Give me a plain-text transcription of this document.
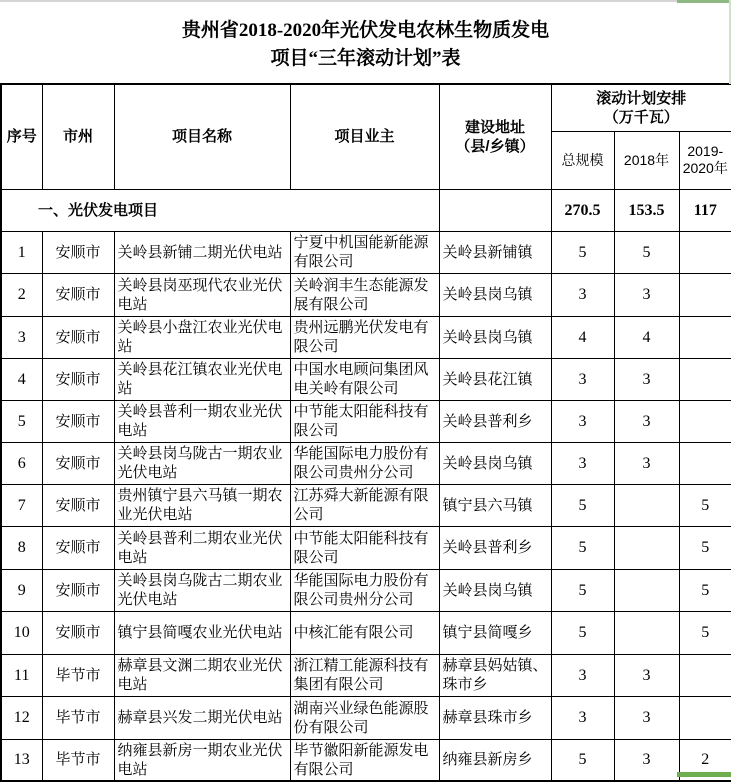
贵州省2018-2020年光伏发电农林生物质发电
项目“三年滚动计划”表
序号	市州	项目名称	项目业主	建设地址
（县/乡镇）	滚动计划安排
（万千瓦）		

					总规模	2018年	2019-2020年
一、光伏发电项目					270.5	153.5	117
1	安顺市	关岭县新铺二期光伏电站	宁夏中机国能新能源有限公司	关岭县新铺镇	5	5	
2	安顺市	关岭县岗巫现代农业光伏电站	关岭润丰生态能源发展有限公司	关岭县岗乌镇	3	3	
3	安顺市	关岭县小盘江农业光伏电站	贵州远鹏光伏发电有限公司	关岭县岗乌镇	4	4	
4	安顺市	关岭县花江镇农业光伏电站	中国水电顾问集团风电关岭有限公司	关岭县花江镇	3	3	
5	安顺市	关岭县普利一期农业光伏电站	中节能太阳能科技有限公司	关岭县普利乡	3	3	
6	安顺市	关岭县岗乌陇古一期农业光伏电站	华能国际电力股份有限公司贵州分公司	关岭县岗乌镇	3	3	
7	安顺市	贵州镇宁县六马镇一期农业光伏电站	江苏舜大新能源有限公司	镇宁县六马镇	5		5
8	安顺市	关岭县普利二期农业光伏电站	中节能太阳能科技有限公司	关岭县普利乡	5		5
9	安顺市	关岭县岗乌陇古二期农业光伏电站	华能国际电力股份有限公司贵州分公司	关岭县岗乌镇	5		5
10	安顺市	镇宁县简嘎农业光伏电站	中核汇能有限公司	镇宁县简嘎乡	5		5
11	毕节市	赫章县文渊二期农业光伏电站	浙江精工能源科技有集团有限公司	赫章县妈姑镇、珠市乡	3	3	
12	毕节市	赫章县兴发二期光伏电站	湖南兴业绿色能源股份有限公司	赫章县珠市乡	3	3	
13	毕节市	纳雍县新房一期农业光伏电站	毕节徽阳新能源发电有限公司	纳雍县新房乡	5	3	2
